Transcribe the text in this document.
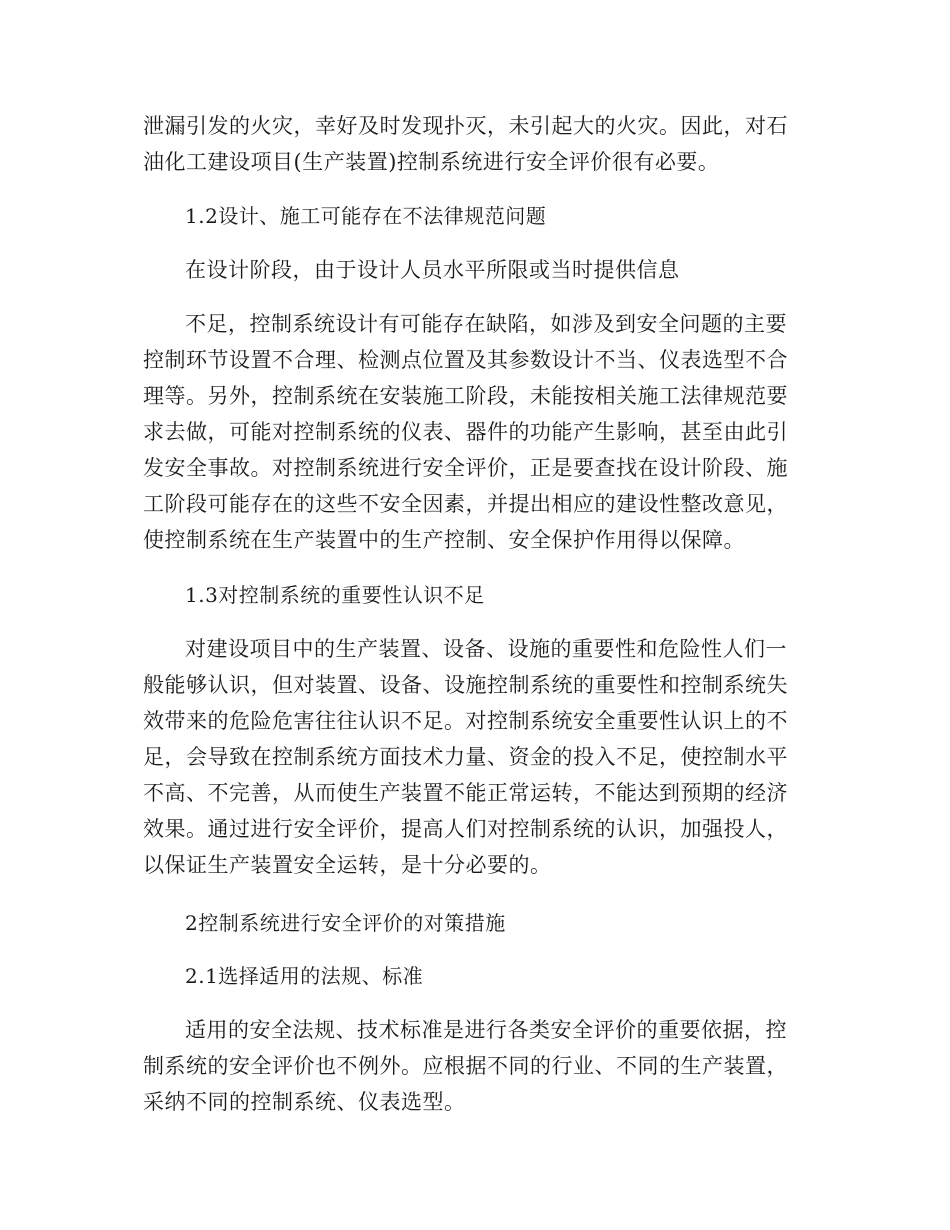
泄漏引发的火灾，幸好及时发现扑灭，未引起大的火灾。因此，对石油化工建设项目(生产装置)控制系统进行安全评价很有必要。

1.2设计、施工可能存在不法律规范问题

在设计阶段，由于设计人员水平所限或当时提供信息

不足，控制系统设计有可能存在缺陷，如涉及到安全问题的主要控制环节设置不合理、检测点位置及其参数设计不当、仪表选型不合理等。另外，控制系统在安装施工阶段，未能按相关施工法律规范要求去做，可能对控制系统的仪表、器件的功能产生影响，甚至由此引发安全事故。对控制系统进行安全评价，正是要查找在设计阶段、施工阶段可能存在的这些不安全因素，并提出相应的建设性整改意见，使控制系统在生产装置中的生产控制、安全保护作用得以保障。

1.3对控制系统的重要性认识不足

对建设项目中的生产装置、设备、设施的重要性和危险性人们一般能够认识，但对装置、设备、设施控制系统的重要性和控制系统失效带来的危险危害往往认识不足。对控制系统安全重要性认识上的不足，会导致在控制系统方面技术力量、资金的投入不足，使控制水平不高、不完善，从而使生产装置不能正常运转，不能达到预期的经济效果。通过进行安全评价，提高人们对控制系统的认识，加强投人，以保证生产装置安全运转，是十分必要的。

2控制系统进行安全评价的对策措施

2.1选择适用的法规、标准

适用的安全法规、技术标准是进行各类安全评价的重要依据，控制系统的安全评价也不例外。应根据不同的行业、不同的生产装置，采纳不同的控制系统、仪表选型。
